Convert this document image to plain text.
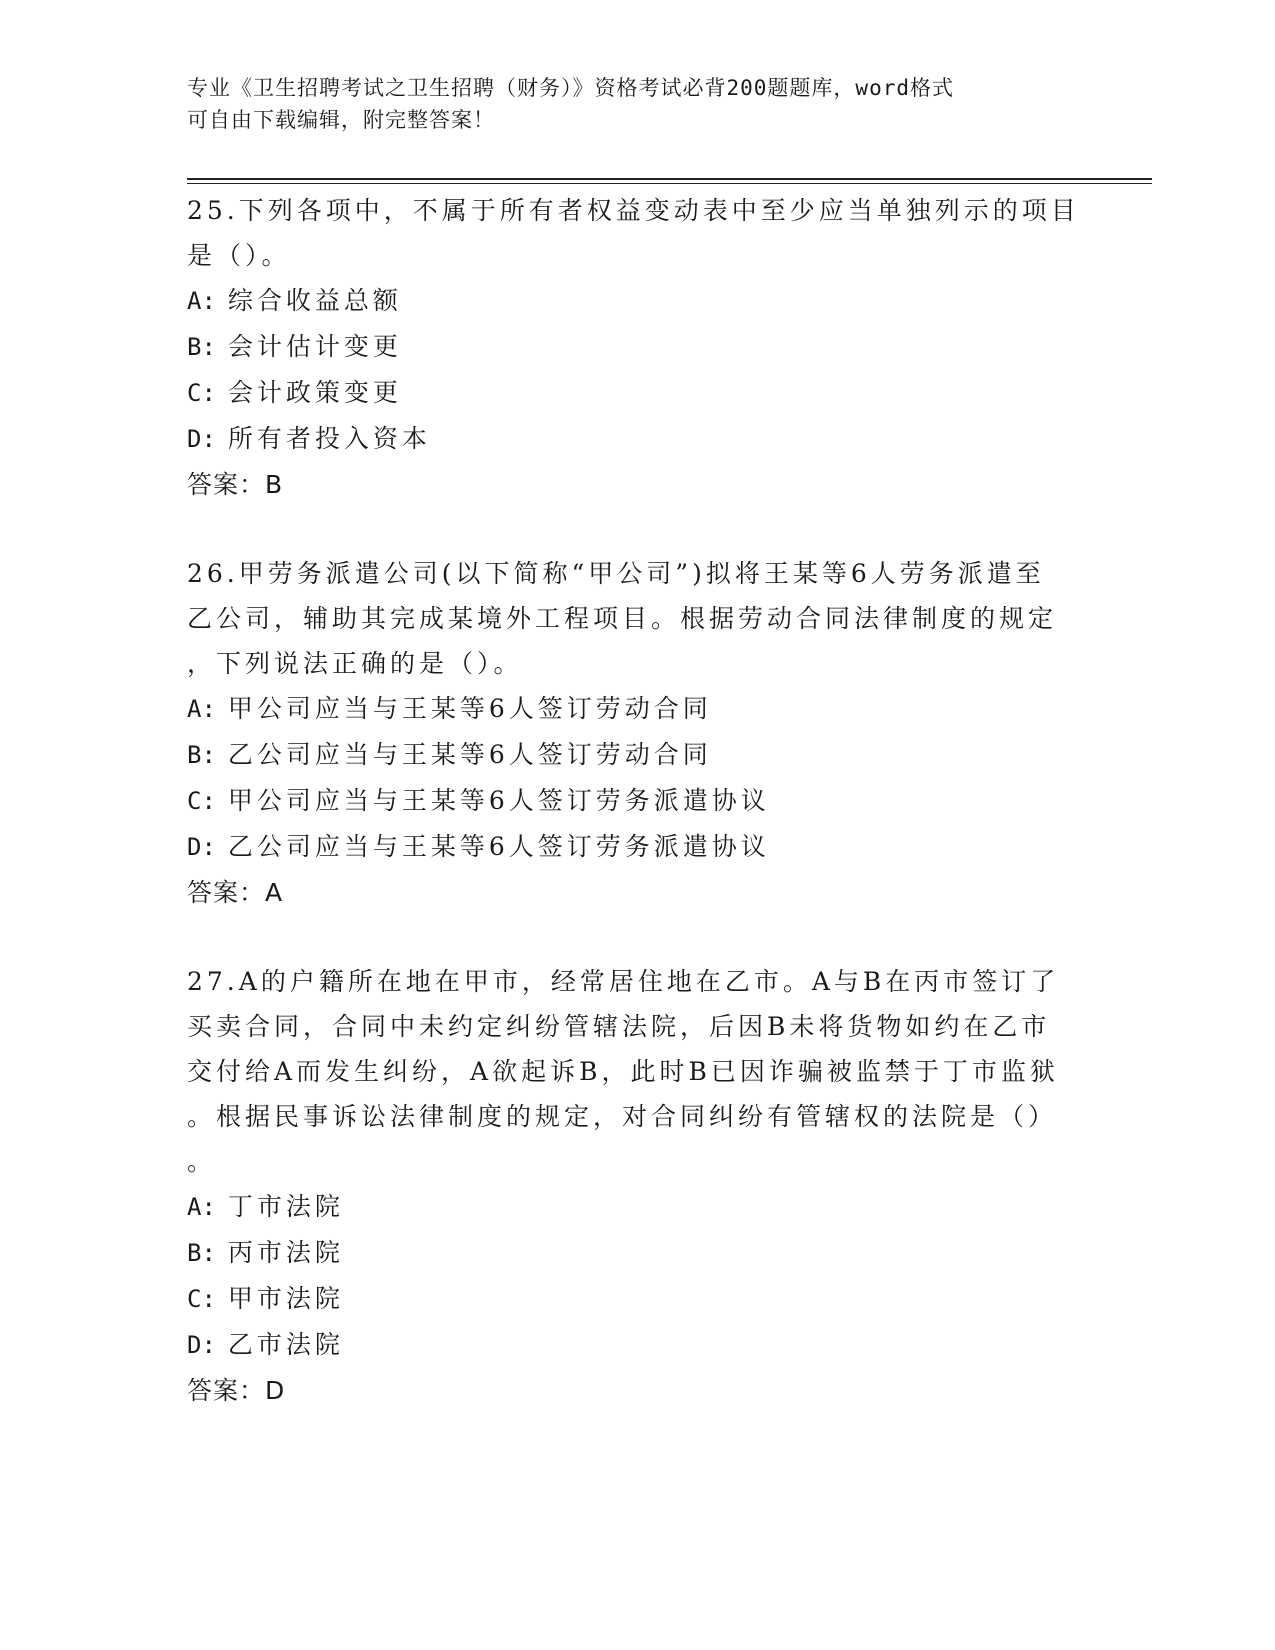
专业《卫生招聘考试之卫生招聘（财务）》资格考试必背200题题库，word格式
可自由下载编辑，附完整答案！
25.下列各项中，不属于所有者权益变动表中至少应当单独列示的项目
是（）。
A: 综合收益总额
B: 会计估计变更
C: 会计政策变更
D: 所有者投入资本
答案：B
26.甲劳务派遣公司(以下简称“甲公司”)拟将王某等6人劳务派遣至
乙公司，辅助其完成某境外工程项目。根据劳动合同法律制度的规定
，下列说法正确的是（）。
A: 甲公司应当与王某等6人签订劳动合同
B: 乙公司应当与王某等6人签订劳动合同
C: 甲公司应当与王某等6人签订劳务派遣协议
D: 乙公司应当与王某等6人签订劳务派遣协议
答案：A
27.A的户籍所在地在甲市，经常居住地在乙市。A与B在丙市签订了
买卖合同，合同中未约定纠纷管辖法院，后因B未将货物如约在乙市
交付给A而发生纠纷，A欲起诉B，此时B已因诈骗被监禁于丁市监狱
。根据民事诉讼法律制度的规定，对合同纠纷有管辖权的法院是（）
。
A: 丁市法院
B: 丙市法院
C: 甲市法院
D: 乙市法院
答案：D
